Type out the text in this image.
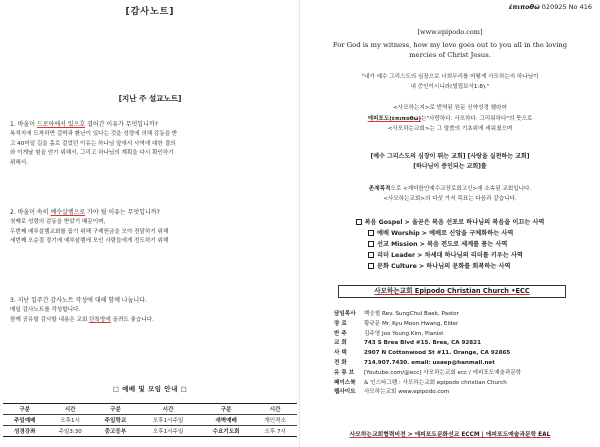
[감사노트]
[지난 주 설교노트]
1. 바울이 드로아에서 있으호 결어간 이유가 무엇입니까?
복적지에 도착하면 걸박과 환난이 있다는 것을 성령에 의해 감동을 받
고 40미일 길을 홀로 걸었던 이유는 하나님 앞에서 사역에 대한 결의
와 이게날 험을 얻기 위해서, 그리고 하나님의 계획을 다시 확인하기
위해서.
2. 바울이 속히 예수살렘으로 가야 될 이유는 무엇입니까?
첫째로 성령의 감동을 받았기 때문이며,
두번째 예루살렘교회를 돕기 위해 구제헌금을 모아 전달하기 위해
세번째 오순절 절기에 예루살렘에 모인 사람들에게 전도하기 위해
3. 지난 일주간 감사노트 작성에 대해 함께 나눕니다.
매일 감사노트를 작성합니다.
함께 공유할 감사할 내용은 교회 단톡방에 올려도 좋습니다.
□ 예배 및 모임 안내 □
구분	시간	구분	시간	구분	시간
주일예배	오후1시	주일학교	오후1시주일	새벽예배	개인적소
성경강좌	주일3:30	중고등부	오후1시주일	수요기도회	오후 7시
έπιποθώ 020925 No 416
[www.epipodo.com]
For God is my witness, how my love goes out to you all in the loving mercies of Christ Jesus.
"내가 예수 그리스도의 심장으로 너희무리를 어떻게 사모하는지 하나님이
내 증인이시니라(빌립보서1:8)."
<사모하는지>로 번역된 원문 신약성경 헬라어
에피포도(ἐπιποθῶ)는"사랑하다. 사모하다. 그리워하다"의 뜻으로
<사모하는교회>는 그 말씀의 기초위에 세워졌으며
[예수 그리스도의 심장이 뛰는 교회] [사랑을 실천하는 교회]
[하나님이 증인되는 교회]를
존재목적으로 <재미한인예수교장로회고신>에 소속된 교회입니다.
<사모하는교회>의 다섯 가지 목표는 다음과 같습니다.
복음 Gospel > 올곧은 복음 선포로 하나님의 복음을 이끄는 사역
예배 Worship > 예배로 신앙을 구체화하는 사역
선교 Mission > 복음 전도로 세계를 품는 사역
리더 Leader > 차세대 하나님의 리더를 키우는 사역
문화 Culture > 하나님의 문화를 회복하는 사역
사모하는교회 Epipodo Christian Church •ECC
담임목사	백승철 Rev. SungChul Baek, Pastor
장 로	황규문 Mr. Kyu Moon Hwang, Elder
반 주	김주영 Joo Young Kim, Pianist
교 회	743 S Brea Blvd #15. Brea, CA 92821
사 택	2907 N Cottonwood St #11. Orange, CA 92865
전 화	714.907.7430. email: usaep@hanmail.net
유 튜 브	[Youtube.com/@ecc] 사모하는교회 ecc / 에피포도예술과문학
페이스북	& 인스타그램 : 사모하는교회 epipodo christian Church
웹사이트	사모하는교회 www.epipodo.com
사모하는교회협력비전 > 에피포도문화선교 ECCM | 에피포도예술과문학 EAL
